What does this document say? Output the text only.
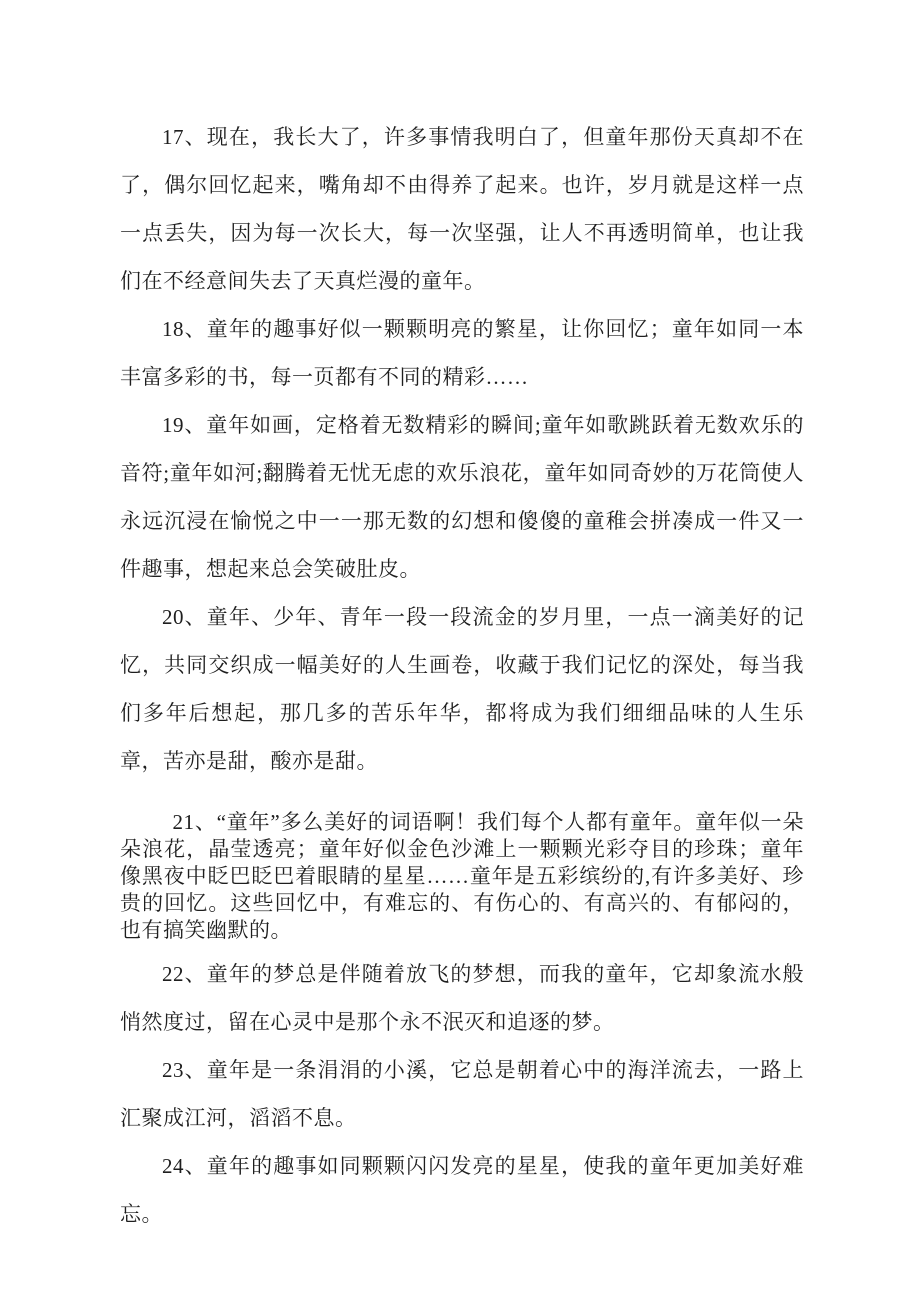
17、现在，我长大了，许多事情我明白了，但童年那份天真却不在了，偶尔回忆起来，嘴角却不由得养了起来。也许，岁月就是这样一点一点丢失，因为每一次长大，每一次坚强，让人不再透明简单，也让我们在不经意间失去了天真烂漫的童年。

18、童年的趣事好似一颗颗明亮的繁星，让你回忆；童年如同一本丰富多彩的书，每一页都有不同的精彩……

19、童年如画，定格着无数精彩的瞬间;童年如歌跳跃着无数欢乐的音符;童年如河;翻腾着无忧无虑的欢乐浪花，童年如同奇妙的万花筒使人永远沉浸在愉悦之中一一那无数的幻想和傻傻的童稚会拼凑成一件又一件趣事，想起来总会笑破肚皮。

20、童年、少年、青年一段一段流金的岁月里，一点一滴美好的记忆，共同交织成一幅美好的人生画卷，收藏于我们记忆的深处，每当我们多年后想起，那几多的苦乐年华，都将成为我们细细品味的人生乐章，苦亦是甜，酸亦是甜。

21、“童年”多么美好的词语啊！我们每个人都有童年。童年似一朵朵浪花，晶莹透亮；童年好似金色沙滩上一颗颗光彩夺目的珍珠；童年像黑夜中眨巴眨巴着眼睛的星星……童年是五彩缤纷的,有许多美好、珍贵的回忆。这些回忆中，有难忘的、有伤心的、有高兴的、有郁闷的，也有搞笑幽默的。

22、童年的梦总是伴随着放飞的梦想，而我的童年，它却象流水般悄然度过，留在心灵中是那个永不泯灭和追逐的梦。

23、童年是一条涓涓的小溪，它总是朝着心中的海洋流去，一路上汇聚成江河，滔滔不息。

24、童年的趣事如同颗颗闪闪发亮的星星，使我的童年更加美好难忘。
